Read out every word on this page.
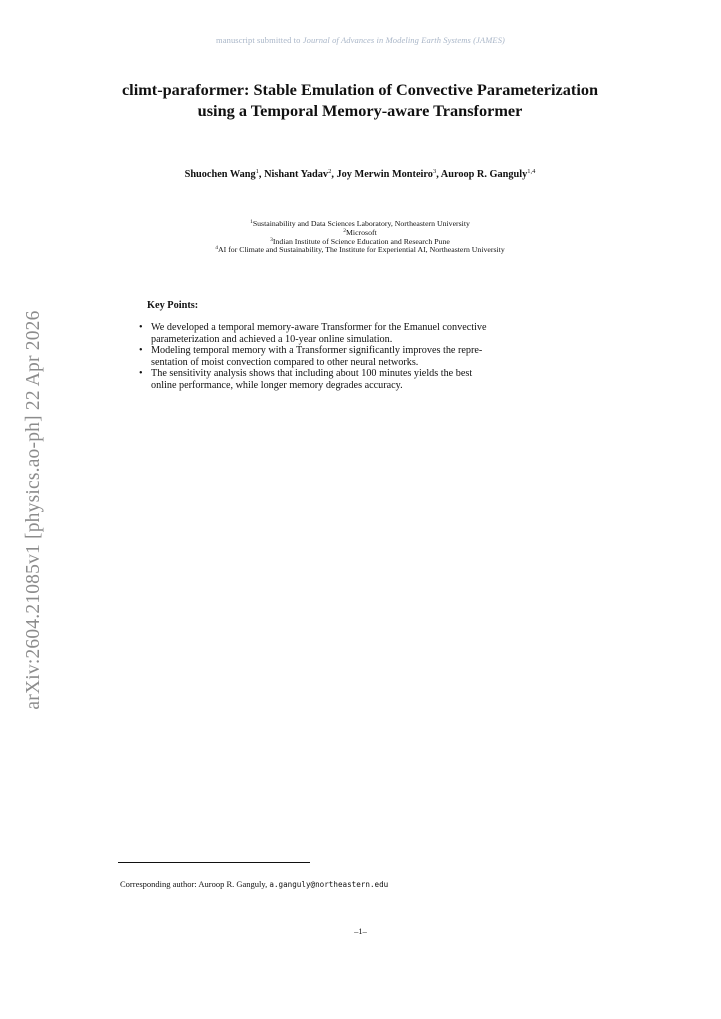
manuscript submitted to Journal of Advances in Modeling Earth Systems (JAMES)
arXiv:2604.21085v1 [physics.ao-ph] 22 Apr 2026
climt-paraformer: Stable Emulation of Convective Parameterization using a Temporal Memory-aware Transformer
Shuochen Wang$^1$, Nishant Yadav$^2$, Joy Merwin Monteiro$^3$, Auroop R. Ganguly$^{1,4}$
$^1$Sustainability and Data Sciences Laboratory, Northeastern University
$^2$Microsoft
$^3$Indian Institute of Science Education and Research Pune
$^4$AI for Climate and Sustainability, The Institute for Experiential AI, Northeastern University
Key Points:
• We developed a temporal memory-aware Transformer for the Emanuel convective
parameterization and achieved a 10-year online simulation.
• Modeling temporal memory with a Transformer significantly improves the repre-
sentation of moist convection compared to other neural networks.
• The sensitivity analysis shows that including about 100 minutes yields the best
online performance, while longer memory degrades accuracy.
Corresponding author: Auroop R. Ganguly, a.ganguly@northeastern.edu
–1–
